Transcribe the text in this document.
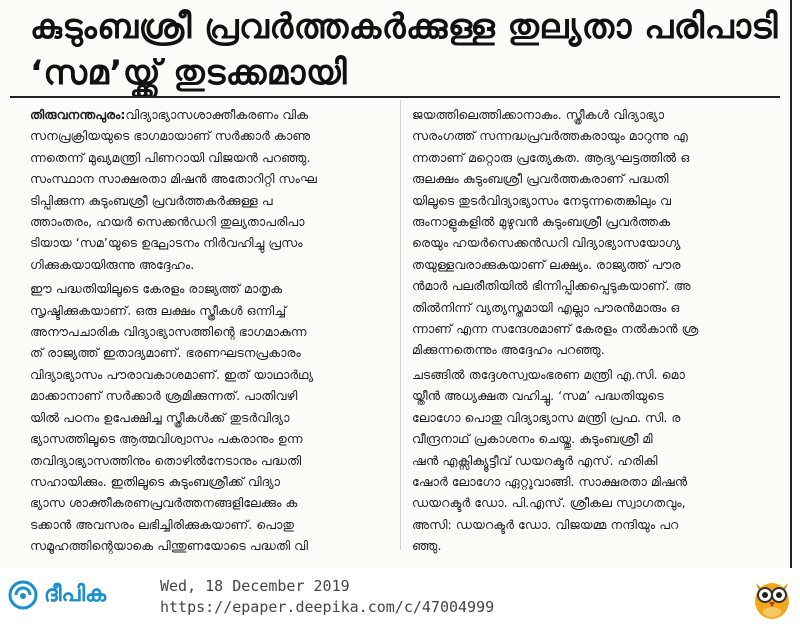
കുടുംബശ്രീ പ്രവർത്തകർക്കുള്ള തുല്യതാ പരിപാടി
‘സമ’യ്ക്ക് തുടക്കമായി

തിരുവനന്തപുരം:വിദ്യാഭ്യാസശാക്തീകരണം വിക
സനപ്രക്രിയയുടെ ഭാഗമായാണ് സർക്കാർ കാണു
ന്നതെന്ന് മുഖ്യമന്ത്രി പിണറായി വിജയൻ പറഞ്ഞു.
സംസ്ഥാന സാക്ഷരതാ മിഷൻ അതോറിറ്റി സംഘ
ടിപ്പിക്കുന്ന കുടുംബശ്രീ പ്രവർത്തകർക്കുള്ള പ
ത്താംതരം, ഹയർ സെക്കൻഡറി തുല്യതാപരിപാ
ടിയായ ‘സമ’യുടെ ഉദ്ഘാടനം നിർവഹിച്ചു പ്രസം
ഗിക്കുകയായിരുന്നു അദ്ദേഹം.

ഈ പദ്ധതിയിലൂടെ കേരളം രാജ്യത്ത് മാതൃക
സൃഷ്ടിക്കുകയാണ്. ഒരു ലക്ഷം സ്ത്രീകൾ ഒന്നിച്ച്
അനൗപചാരിക വിദ്യാഭ്യാസത്തിന്റെ ഭാഗമാകുന്ന
ത് രാജ്യത്ത് ഇതാദ്യമാണ്. ഭരണഘടനപ്രകാരം
വിദ്യാഭ്യാസം പൗരാവകാശമാണ്. ഇത് യാഥാർഥ്യ
മാക്കാനാണ് സർക്കാർ ശ്രമിക്കുന്നത്. പാതിവഴി
യിൽ പഠനം ഉപേക്ഷിച്ച സ്ത്രീകൾക്ക് തുടർവിദ്യാ
ഭ്യാസത്തിലൂടെ ആത്മവിശ്വാസം പകരാനും ഉന്ന
തവിദ്യാഭ്യാസത്തിനും തൊഴിൽനേടാനും പദ്ധതി
സഹായിക്കും. ഇതിലൂടെ കുടുംബശ്രീക്ക് വിദ്യാ
ഭ്യാസ ശാക്തീകരണപ്രവർത്തനങ്ങളിലേക്കും ക
ടക്കാൻ അവസരം ലഭിച്ചിരിക്കുകയാണ്. പൊതു
സമൂഹത്തിന്റെയാകെ പിന്തുണയോടെ പദ്ധതി വി

ജയത്തിലെത്തിക്കാനാകും. സ്ത്രീകൾ വിദ്യാഭ്യാ
സരംഗത്ത് സന്നദ്ധപ്രവർത്തകരായും മാറുന്നു എ
ന്നതാണ് മറ്റൊരു പ്രത്യേകത. ആദ്യഘട്ടത്തിൽ ഒ
രുലക്ഷം കുടുംബശ്രീ പ്രവർത്തകരാണ് പദ്ധതി
യിലൂടെ തുടർവിദ്യാഭ്യാസം നേടുന്നതെങ്കിലും വ
രുംനാളുകളിൽ മുഴുവൻ കുടുംബശ്രീ പ്രവർത്തക
രെയും ഹയർസെക്കൻഡറി വിദ്യാഭ്യാസയോഗ്യ
തയുള്ളവരാക്കുകയാണ് ലക്ഷ്യം. രാജ്യത്ത് പൗര
ൻമാർ പലരീതിയിൽ ഭിന്നിപ്പിക്കപ്പെടുകയാണ്. അ
തിൽനിന്ന് വ്യത്യസ്തമായി എല്ലാ പൗരൻമാരും ഒ
ന്നാണ് എന്ന സന്ദേശമാണ് കേരളം നൽകാൻ ശ്ര
മിക്കുന്നതെന്നും അദ്ദേഹം പറഞ്ഞു.

ചടങ്ങിൽ തദ്ദേശസ്വയംഭരണ മന്ത്രി എ.സി. മൊ
യ്തീൻ അധ്യക്ഷത വഹിച്ചു. ‘സമ’ പദ്ധതിയുടെ
ലോഗോ പൊതു വിദ്യാഭ്യാസ മന്ത്രി പ്രഫ. സി. ര
വീന്ദ്രനാഥ് പ്രകാശനം ചെയ്തു. കുടുംബശ്രീ മി
ഷൻ എക്സിക്യൂട്ടീവ് ഡയറക്ടർ എസ്. ഹരികി
ഷോർ ലോഗോ ഏറ്റുവാങ്ങി. സാക്ഷരതാ മിഷൻ
ഡയറക്ടർ ഡോ. പി.എസ്. ശ്രീകല സ്വാഗതവും,
അസി: ഡയറക്ടർ ഡോ. വിജയമ്മ നന്ദിയും പറ
ഞ്ഞു.

ദീപിക	Wed, 18 December 2019
https://epaper.deepika.com/c/47004999
